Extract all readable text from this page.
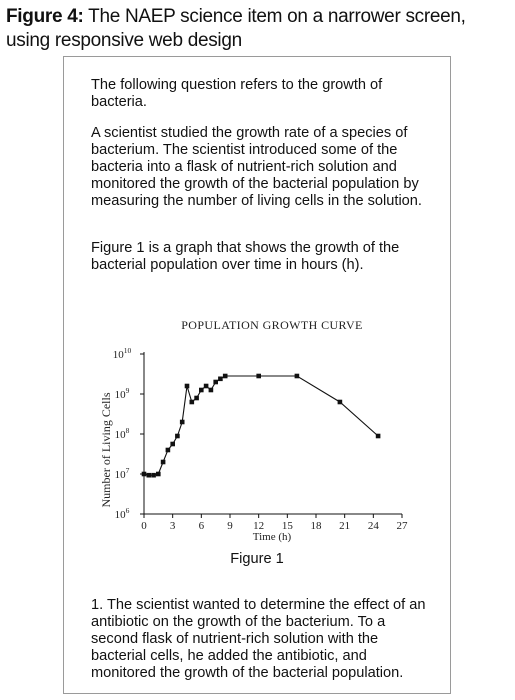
Figure 4: The NAEP science item on a narrower screen, using responsive web design

The following question refers to the growth of bacteria.

A scientist studied the growth rate of a species of bacterium. The scientist introduced some of the bacteria into a flask of nutrient-rich solution and monitored the growth of the bacterial population by measuring the number of living cells in the solution.

Figure 1 is a graph that shows the growth of the bacterial population over time in hours (h).

POPULATION GROWTH CURVE
Number of Living Cells
Time (h)
Figure 1
0 3 6 9 12 15 18 21 24 27
$10^6$
$10^7$
$10^8$
$10^9$
$10^{10}$

1. The scientist wanted to determine the effect of an antibiotic on the growth of the bacterium. To a second flask of nutrient-rich solution with the bacterial cells, he added the antibiotic, and monitored the growth of the bacterial population.
